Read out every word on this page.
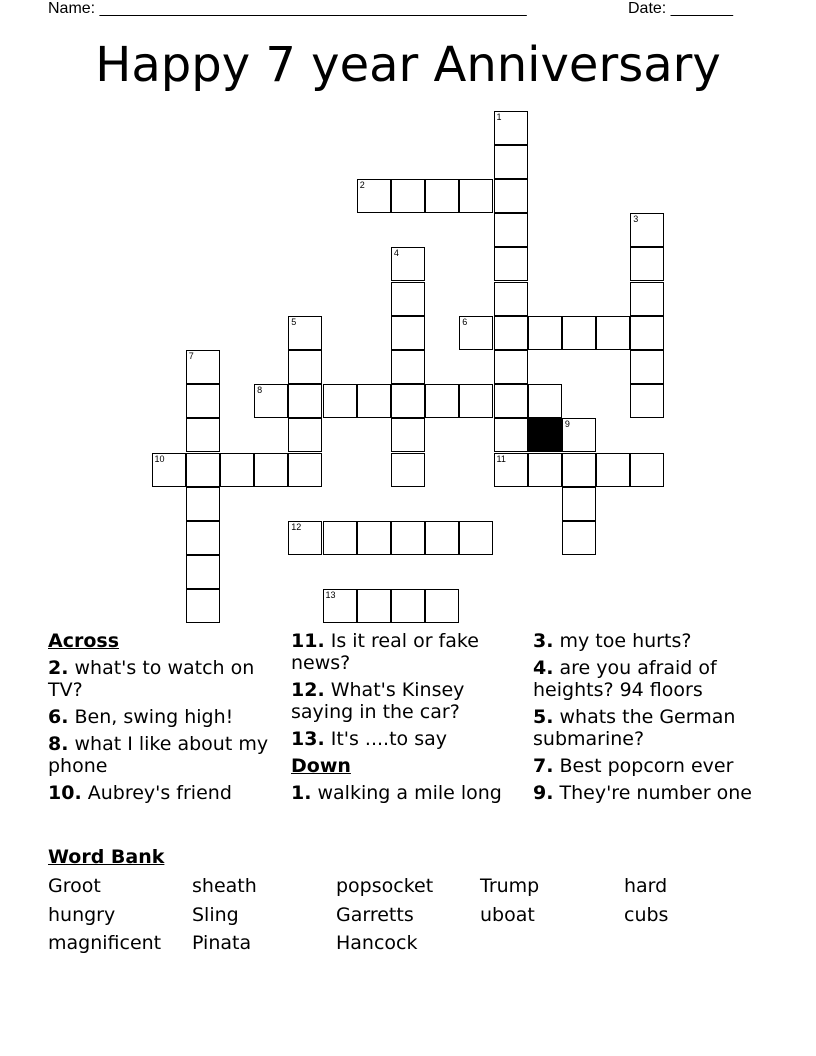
Name: ________________________________________________	Date: _______
Happy 7 year Anniversary
1
11
2
3
4
5	6
7
8
9
10
12
13
Across
2. what's to watch on TV?
6. Ben, swing high!
8. what I like about my phone
10. Aubrey's friend
11. Is it real or fake news?
12. What's Kinsey saying in the car?
13. It's ....to say
Down
1. walking a mile long
3. my toe hurts?
4. are you afraid of heights? 94 floors
5. whats the German submarine?
7. Best popcorn ever
9. They're number one
Word Bank
Groot	sheath	popsocket Trump	hard
hungry	Sling	Garretts	uboat	cubs
magnificent Pinata	Hancock
